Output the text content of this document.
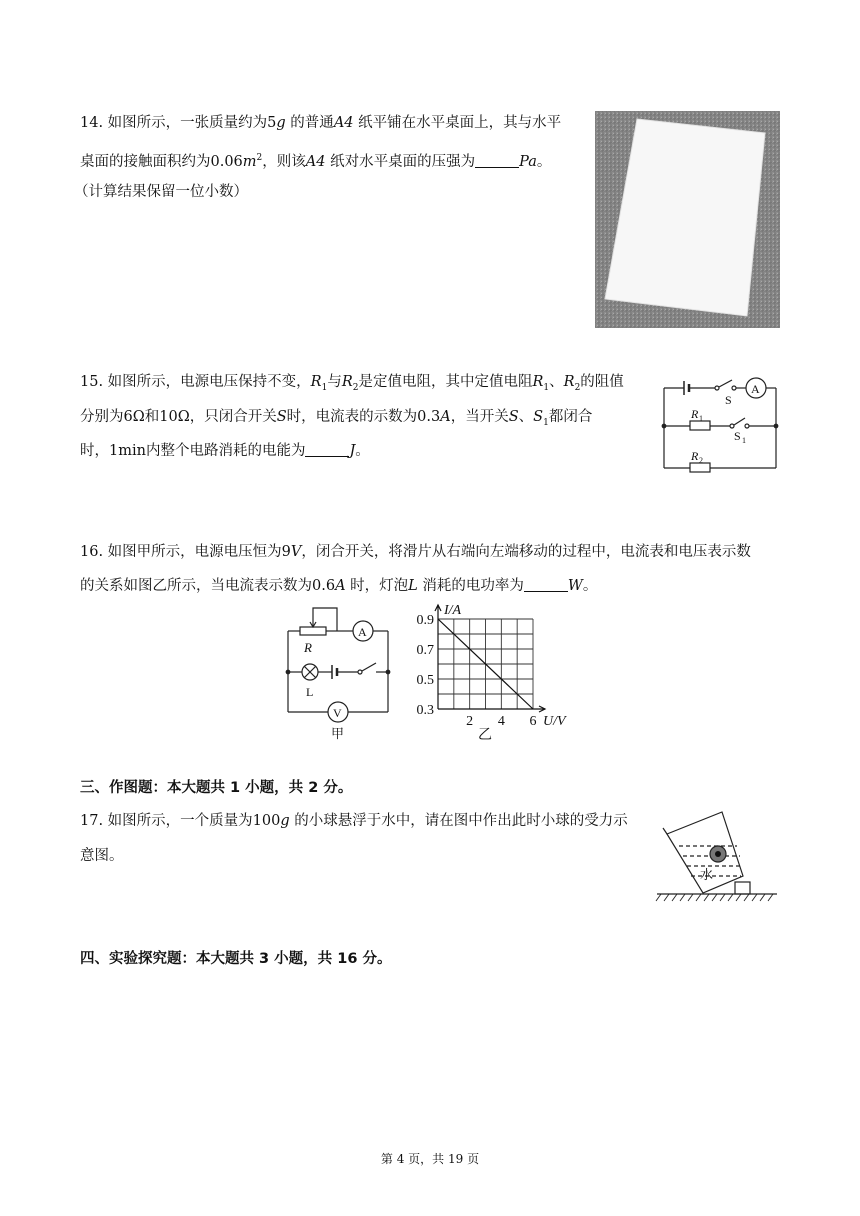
14. 如图所示，一张质量约为5g 的普通A4 纸平铺在水平桌面上，其与水平
桌面的接触面积约为$0.06m^2$，则该A4 纸对水平桌面的压强为	Pa。
（计算结果保留一位小数）
15. 如图所示，电源电压保持不变，$R_1$与$R_2$是定值电阻，其中定值电阻$R_1$、$R_2$的阻值
分别为6Ω和10Ω，只闭合开关S时，电流表的示数为0.3A，当开关S、$S_1$都闭合
时，1min内整个电路消耗的电能为	J。
S
A
R 1
S 1
R 2
16. 如图甲所示，电源电压恒为9V，闭合开关，将滑片从右端向左端移动的过程中，电流表和电压表示数
的关系如图乙所示，当电流表示数为0.6A 时，灯泡L 消耗的电功率为	W。
R
A
L
V
甲
0.9
0.7
0.5
0.3
2 4 6
I/A
U/V
乙
三、作图题：本大题共 1 小题，共 2 分。
17. 如图所示，一个质量为100g 的小球悬浮于水中，请在图中作出此时小球的受力示
意图。
水
四、实验探究题：本大题共 3 小题，共 16 分。
第 4 页，共 19 页
